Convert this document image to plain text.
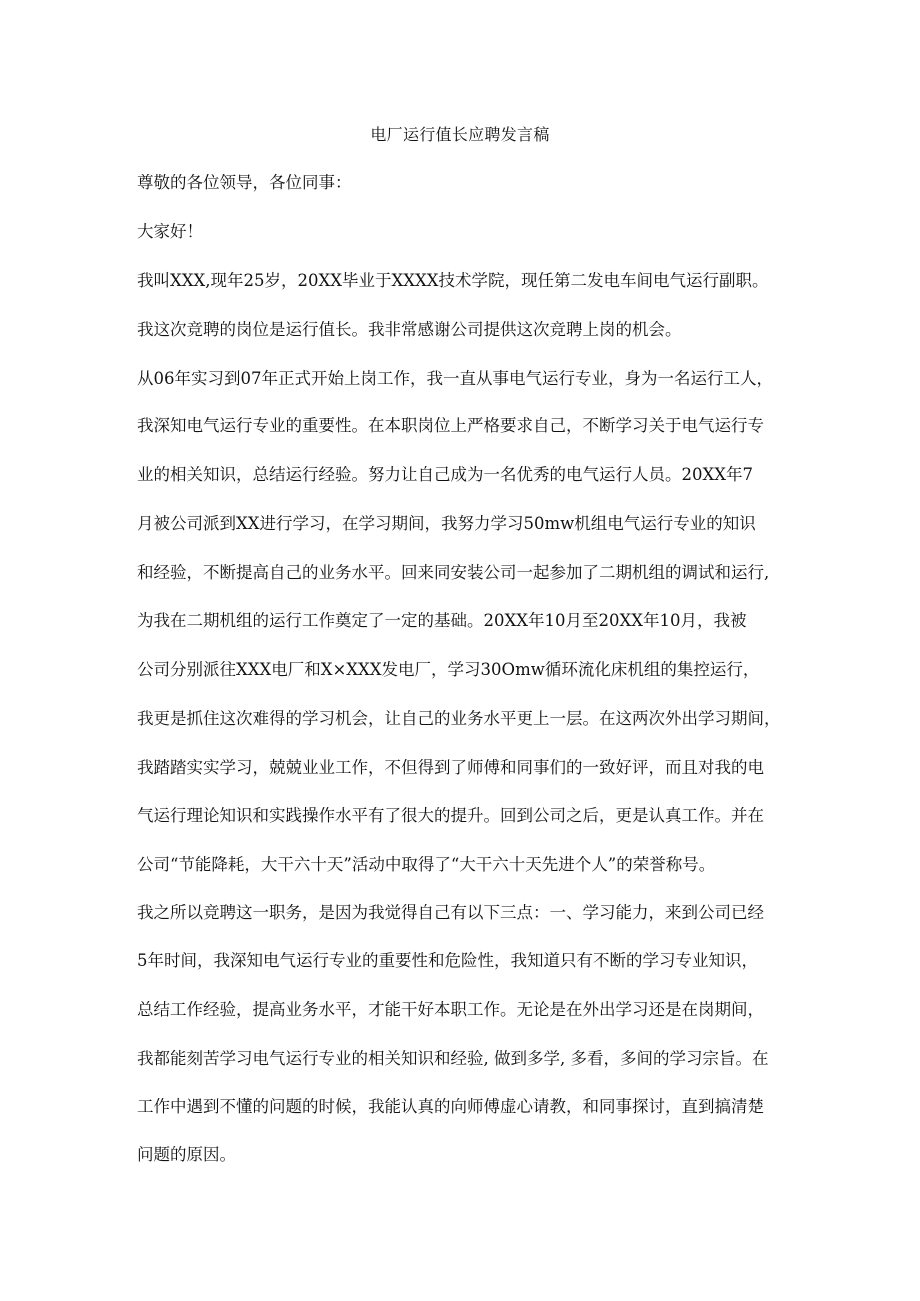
电厂运行值长应聘发言稿
尊敬的各位领导，各位同事：
大家好！
我叫XXX,现年25岁，20XX毕业于XXXX技术学院，现任第二发电车间电气运行副职。
我这次竞聘的岗位是运行值长。我非常感谢公司提供这次竞聘上岗的机会。
从06年实习到07年正式开始上岗工作，我一直从事电气运行专业，身为一名运行工人，
我深知电气运行专业的重要性。在本职岗位上严格要求自己，不断学习关于电气运行专
业的相关知识，总结运行经验。努力让自己成为一名优秀的电气运行人员。20XX年7
月被公司派到XX进行学习，在学习期间，我努力学习50mw机组电气运行专业的知识
和经验，不断提高自己的业务水平。回来同安装公司一起参加了二期机组的调试和运行,
为我在二期机组的运行工作奠定了一定的基础。20XX年10月至20XX年10月，我被
公司分别派往XXX电厂和X×XXX发电厂，学习30Omw循环流化床机组的集控运行，
我更是抓住这次难得的学习机会，让自己的业务水平更上一层。在这两次外出学习期间，
我踏踏实实学习，兢兢业业工作，不但得到了师傅和同事们的一致好评，而且对我的电
气运行理论知识和实践操作水平有了很大的提升。回到公司之后，更是认真工作。并在
公司“节能降耗，大干六十天”活动中取得了“大干六十天先进个人”的荣誉称号。
我之所以竞聘这一职务，是因为我觉得自己有以下三点：一、学习能力，来到公司已经
5年时间，我深知电气运行专业的重要性和危险性，我知道只有不断的学习专业知识，
总结工作经验，提高业务水平，才能干好本职工作。无论是在外出学习还是在岗期间，
我都能刻苦学习电气运行专业的相关知识和经验, 做到多学, 多看，多间的学习宗旨。在
工作中遇到不懂的问题的时候，我能认真的向师傅虚心请教，和同事探讨，直到搞清楚
问题的原因。
